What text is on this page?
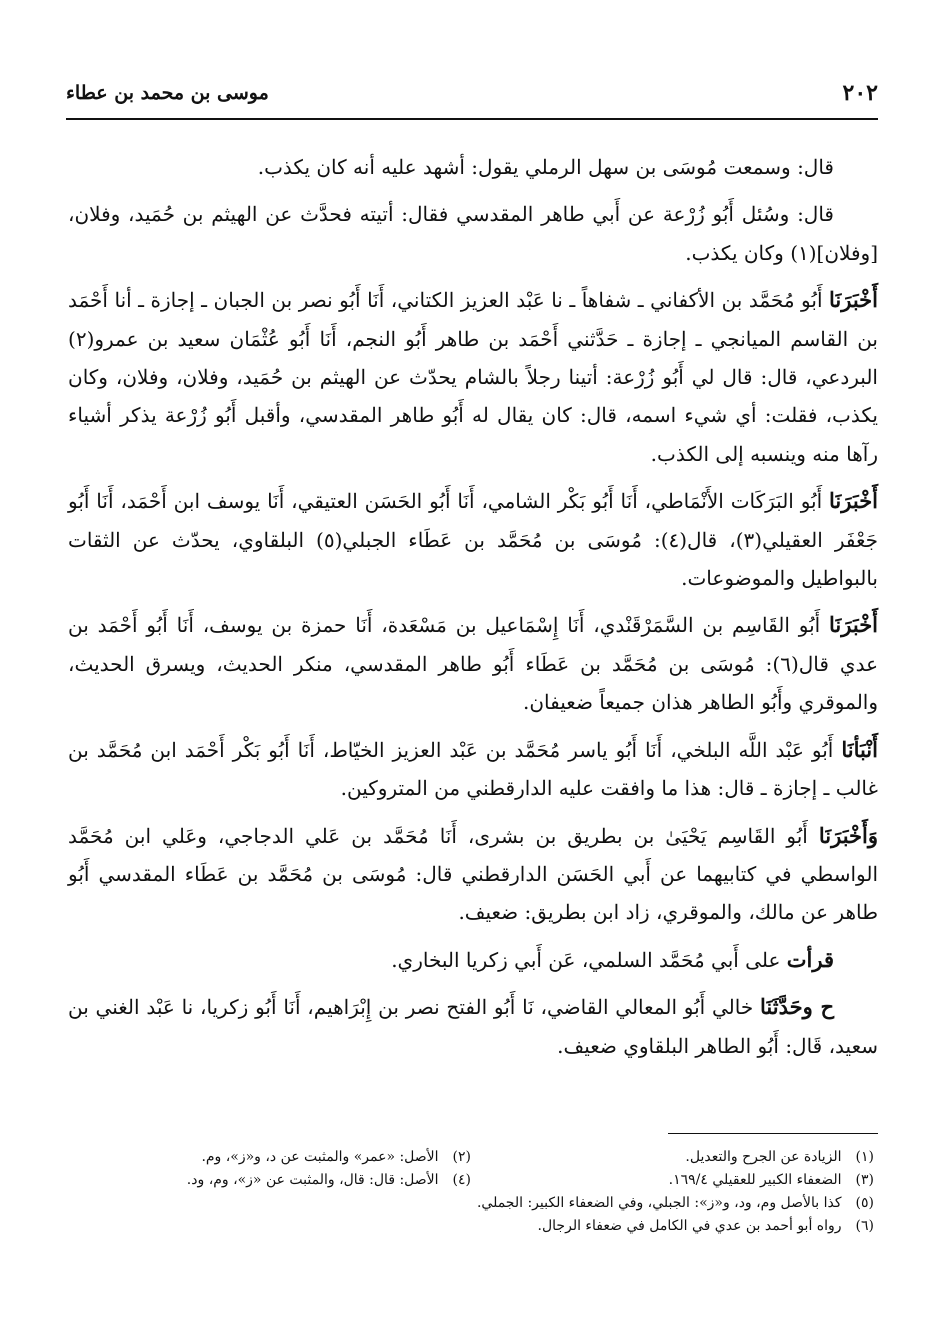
٢٠٢
موسى بن محمد بن عطاء

قال: وسمعت مُوسَى بن سهل الرملي يقول: أشهد عليه أنه كان يكذب.

قال: وسُئل أَبُو زُرْعة عن أَبي طاهر المقدسي فقال: أتيته فحدَّث عن الهيثم بن حُمَيد، وفلان، [وفلان](١) وكان يكذب.

أَخْبَرَنَا أَبُو مُحَمَّد بن الأكفاني ـ شفاهاً ـ نا عَبْد العزيز الكتاني، أَنَا أَبُو نصر بن الجبان ـ إجازة ـ أنا أَحْمَد بن القاسم الميانجي ـ إجازة ـ حَدَّثني أَحْمَد بن طاهر أَبُو النجم، أَنَا أَبُو عُثْمَان سعيد بن عمرو(٢) البردعي، قال: قال لي أَبُو زُرْعة: أتينا رجلاً بالشام يحدّث عن الهيثم بن حُمَيد، وفلان، وفلان، وكان يكذب، فقلت: أي شيء اسمه، قال: كان يقال له أَبُو طاهر المقدسي، وأقبل أَبُو زُرْعة يذكر أشياء رآها منه وينسبه إلى الكذب.

أَخْبَرَنَا أَبُو البَرَكَات الأَنْمَاطي، أَنَا أَبُو بَكْر الشامي، أَنَا أَبُو الحَسَن العتيقي، أَنَا يوسف ابن أَحْمَد، أَنَا أَبُو جَعْفَر العقيلي(٣)، قال(٤): مُوسَى بن مُحَمَّد بن عَطَاء الجبلي(٥) البلقاوي، يحدّث عن الثقات بالبواطيل والموضوعات.

أَخْبَرَنَا أَبُو القَاسِم بن السَّمَرْقَنْدي، أَنَا إِسْمَاعيل بن مَسْعَدة، أَنَا حمزة بن يوسف، أَنَا أَبُو أَحْمَد بن عدي قال(٦): مُوسَى بن مُحَمَّد بن عَطَاء أَبُو طاهر المقدسي، منكر الحديث، ويسرق الحديث، والموقري وأَبُو الطاهر هذان جميعاً ضعيفان.

أَنْبَأنَا أَبُو عَبْد اللَّه البلخي، أَنَا أَبُو ياسر مُحَمَّد بن عَبْد العزيز الخيّاط، أَنَا أَبُو بَكْر أَحْمَد ابن مُحَمَّد بن غالب ـ إجازة ـ قال: هذا ما وافقت عليه الدارقطني من المتروكين.

وَأَخْبَرَنَا أَبُو القَاسِم يَحْيَىٰ بن بطريق بن بشرى، أَنَا مُحَمَّد بن عَلي الدجاجي، وعَلي ابن مُحَمَّد الواسطي في كتابيهما عن أَبي الحَسَن الدارقطني قال: مُوسَى بن مُحَمَّد بن عَطَاء المقدسي أَبُو طاهر عن مالك، والموقري، زاد ابن بطريق: ضعيف.

قرأت على أَبي مُحَمَّد السلمي، عَن أَبي زكريا البخاري.

ح وحَدَّثَنَا خالي أَبُو المعالي القاضي، نَا أَبُو الفتح نصر بن إِبْرَاهيم، أَنَا أَبُو زكريا، نا عَبْد الغني بن سعيد، قَال: أَبُو الطاهر البلقاوي ضعيف.

(١) الزيادة عن الجرح والتعديل.
(٢) الأصل: «عمر» والمثبت عن د، و«ز»، وم.
(٣) الضعفاء الكبير للعقيلي ١٦٩/٤.
(٤) الأصل: قال: قال، والمثبت عن «ز»، وم، ود.
(٥) كذا بالأصل وم، ود، و«ز»: الجبلي، وفي الضعفاء الكبير: الجملي.
(٦) رواه أبو أحمد بن عدي في الكامل في ضعفاء الرجال.
